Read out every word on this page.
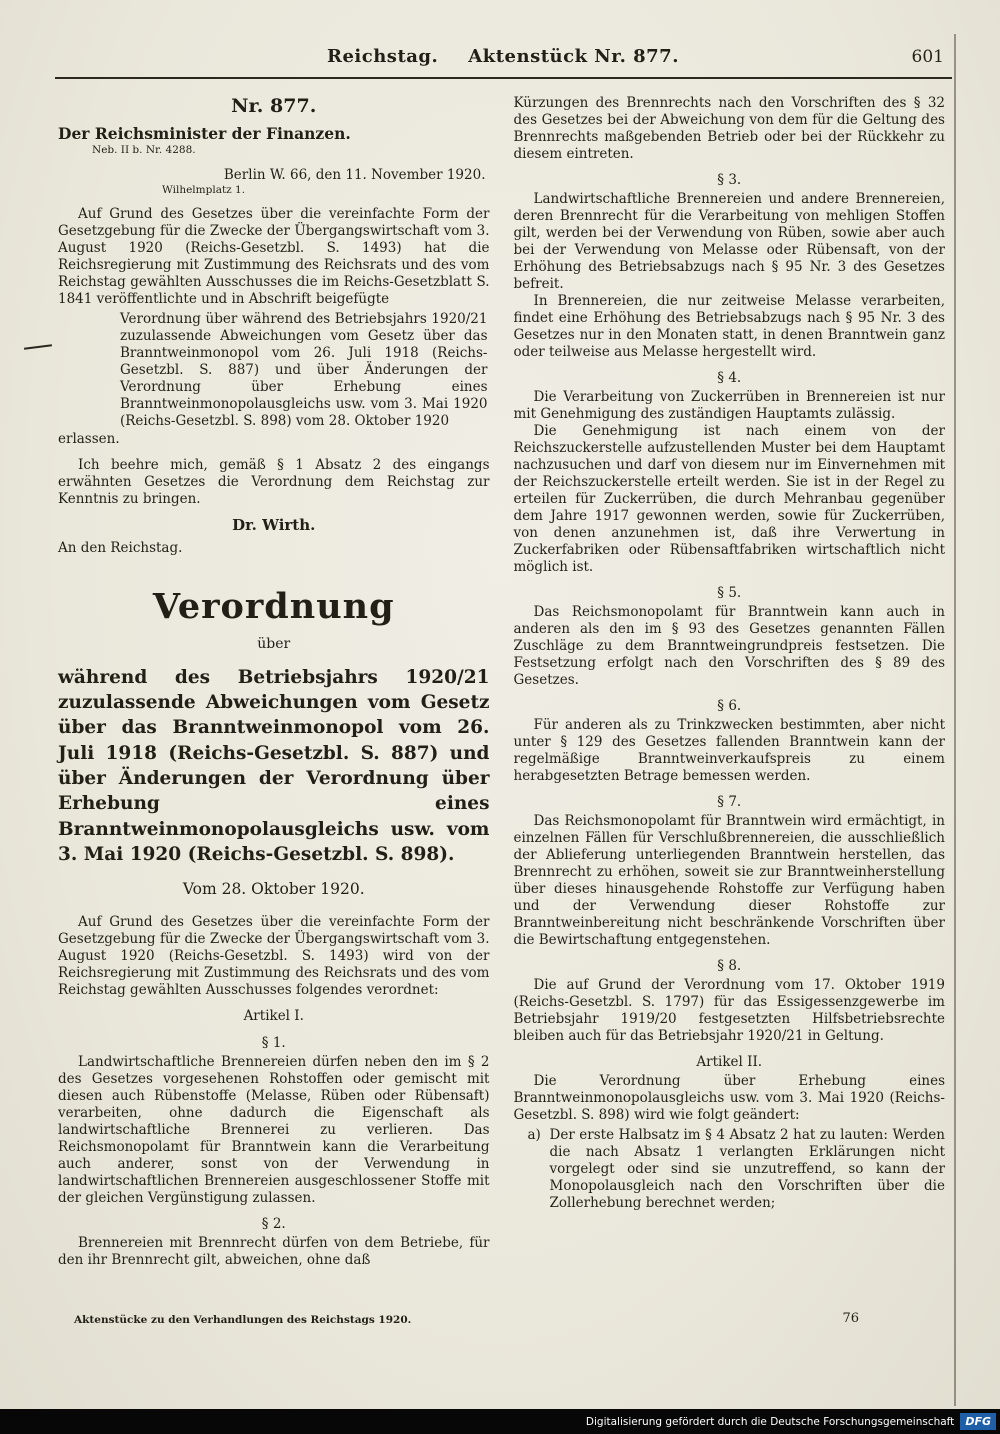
Reichstag. Aktenstück Nr. 877.	601
Nr. 877.
Der Reichsminister der Finanzen.
Neb. II b. Nr. 4288.
Berlin W. 66, den 11. November 1920.
Wilhelmplatz 1.

Auf Grund des Gesetzes über die vereinfachte Form der Gesetzgebung für die Zwecke der Übergangswirtschaft vom 3. August 1920 (Reichs-Gesetzbl. S. 1493) hat die Reichsregierung mit Zustimmung des Reichsrats und des vom Reichstag gewählten Ausschusses die im Reichs-Gesetzblatt S. 1841 veröffentlichte und in Abschrift beigefügte

Verordnung über während des Betriebsjahrs 1920/21 zuzulassende Abweichungen vom Gesetz über das Branntweinmonopol vom 26. Juli 1918 (Reichs-Gesetzbl. S. 887) und über Änderungen der Verordnung über Erhebung eines Branntweinmonopolausgleichs usw. vom 3. Mai 1920 (Reichs-Gesetzbl. S. 898) vom 28. Oktober 1920

erlassen.

Ich beehre mich, gemäß § 1 Absatz 2 des eingangs erwähnten Gesetzes die Verordnung dem Reichstag zur Kenntnis zu bringen.

Dr. Wirth.
An den Reichstag.
Verordnung
über

während des Betriebsjahrs 1920/21 zuzulassende Abweichungen vom Gesetz über das Branntweinmonopol vom 26. Juli 1918 (Reichs-Gesetzbl. S. 887) und über Änderungen der Verordnung über Erhebung eines Branntweinmonopolausgleichs usw. vom 3. Mai 1920 (Reichs-Gesetzbl. S. 898).

Vom 28. Oktober 1920.

Auf Grund des Gesetzes über die vereinfachte Form der Gesetzgebung für die Zwecke der Übergangswirtschaft vom 3. August 1920 (Reichs-Gesetzbl. S. 1493) wird von der Reichsregierung mit Zustimmung des Reichsrats und des vom Reichstag gewählten Ausschusses folgendes verordnet:

Artikel I.
§ 1.

Landwirtschaftliche Brennereien dürfen neben den im § 2 des Gesetzes vorgesehenen Rohstoffen oder gemischt mit diesen auch Rübenstoffe (Melasse, Rüben oder Rübensaft) verarbeiten, ohne dadurch die Eigenschaft als landwirtschaftliche Brennerei zu verlieren. Das Reichsmonopolamt für Branntwein kann die Verarbeitung auch anderer, sonst von der Verwendung in landwirtschaftlichen Brennereien ausgeschlossener Stoffe mit der gleichen Vergünstigung zulassen.

§ 2.

Brennereien mit Brennrecht dürfen von dem Betriebe, für den ihr Brennrecht gilt, abweichen, ohne daß

Aktenstücke zu den Verhandlungen des Reichstags 1920.

Kürzungen des Brennrechts nach den Vorschriften des § 32 des Gesetzes bei der Abweichung von dem für die Geltung des Brennrechts maßgebenden Betrieb oder bei der Rückkehr zu diesem eintreten.

§ 3.

Landwirtschaftliche Brennereien und andere Brennereien, deren Brennrecht für die Verarbeitung von mehligen Stoffen gilt, werden bei der Verwendung von Rüben, sowie aber auch bei der Verwendung von Melasse oder Rübensaft, von der Erhöhung des Betriebsabzugs nach § 95 Nr. 3 des Gesetzes befreit.

In Brennereien, die nur zeitweise Melasse verarbeiten, findet eine Erhöhung des Betriebsabzugs nach § 95 Nr. 3 des Gesetzes nur in den Monaten statt, in denen Branntwein ganz oder teilweise aus Melasse hergestellt wird.

§ 4.

Die Verarbeitung von Zuckerrüben in Brennereien ist nur mit Genehmigung des zuständigen Hauptamts zulässig.

Die Genehmigung ist nach einem von der Reichszuckerstelle aufzustellenden Muster bei dem Hauptamt nachzusuchen und darf von diesem nur im Einvernehmen mit der Reichszuckerstelle erteilt werden. Sie ist in der Regel zu erteilen für Zuckerrüben, die durch Mehranbau gegenüber dem Jahre 1917 gewonnen werden, sowie für Zuckerrüben, von denen anzunehmen ist, daß ihre Verwertung in Zuckerfabriken oder Rübensaftfabriken wirtschaftlich nicht möglich ist.

§ 5.

Das Reichsmonopolamt für Branntwein kann auch in anderen als den im § 93 des Gesetzes genannten Fällen Zuschläge zu dem Branntweingrundpreis festsetzen. Die Festsetzung erfolgt nach den Vorschriften des § 89 des Gesetzes.

§ 6.

Für anderen als zu Trinkzwecken bestimmten, aber nicht unter § 129 des Gesetzes fallenden Branntwein kann der regelmäßige Branntweinverkaufspreis zu einem herabgesetzten Betrage bemessen werden.

§ 7.

Das Reichsmonopolamt für Branntwein wird ermächtigt, in einzelnen Fällen für Verschlußbrennereien, die ausschließlich der Ablieferung unterliegenden Branntwein herstellen, das Brennrecht zu erhöhen, soweit sie zur Branntweinherstellung über dieses hinausgehende Rohstoffe zur Verfügung haben und der Verwendung dieser Rohstoffe zur Branntweinbereitung nicht beschränkende Vorschriften über die Bewirtschaftung entgegenstehen.

§ 8.

Die auf Grund der Verordnung vom 17. Oktober 1919 (Reichs-Gesetzbl. S. 1797) für das Essigessenzgewerbe im Betriebsjahr 1919/20 festgesetzten Hilfsbetriebsrechte bleiben auch für das Betriebsjahr 1920/21 in Geltung.

Artikel II.

Die Verordnung über Erhebung eines Branntweinmonopolausgleichs usw. vom 3. Mai 1920 (Reichs-Gesetzbl. S. 898) wird wie folgt geändert:

a) Der erste Halbsatz im § 4 Absatz 2 hat zu lauten: Werden die nach Absatz 1 verlangten Erklärungen nicht vorgelegt oder sind sie unzutreffend, so kann der Monopolausgleich nach den Vorschriften über die Zollerhebung berechnet werden;
76
Digitalisierung gefördert durch die Deutsche Forschungsgemeinschaft	DFG
